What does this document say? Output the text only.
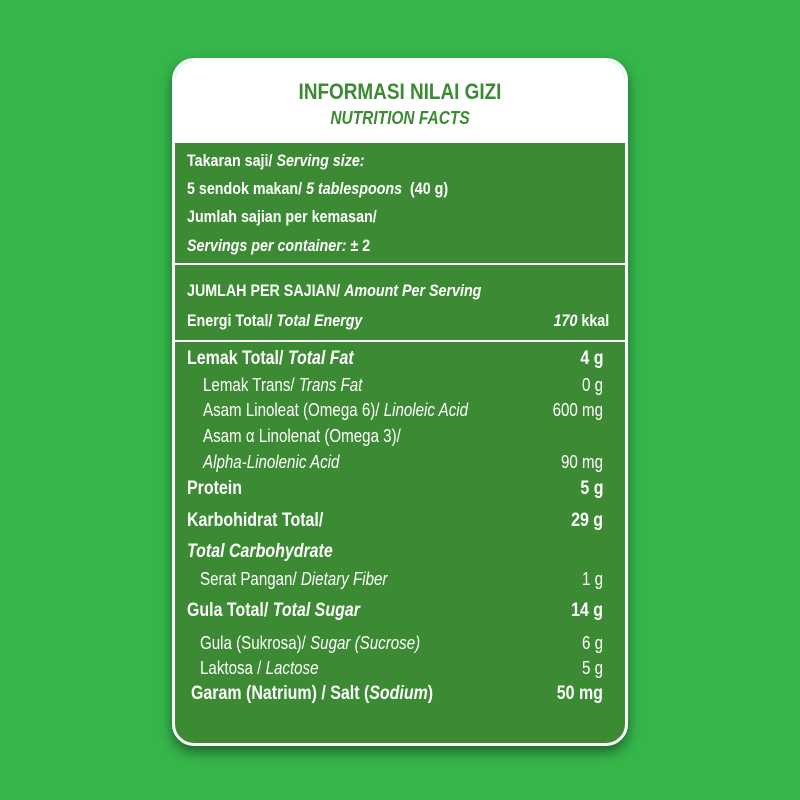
INFORMASI NILAI GIZI
NUTRITION FACTS
Takaran saji/ Serving size:
5 sendok makan/ 5 tablespoons (40 g)
Jumlah sajian per kemasan/
Servings per container: ± 2
JUMLAH PER SAJIAN/ Amount Per Serving
Energi Total/ Total Energy	170 kkal
Lemak Total/ Total Fat	4 g
Lemak Trans/ Trans Fat	0 g
Asam Linoleat (Omega 6)/ Linoleic Acid	600 mg
Asam α Linolenat (Omega 3)/
Alpha-Linolenic Acid	90 mg
Protein	5 g
Karbohidrat Total/	29 g
Total Carbohydrate
Serat Pangan/ Dietary Fiber	1 g
Gula Total/ Total Sugar	14 g
Gula (Sukrosa)/ Sugar (Sucrose)	6 g
Laktosa / Lactose	5 g
Garam (Natrium) / Salt (Sodium)	50 mg
